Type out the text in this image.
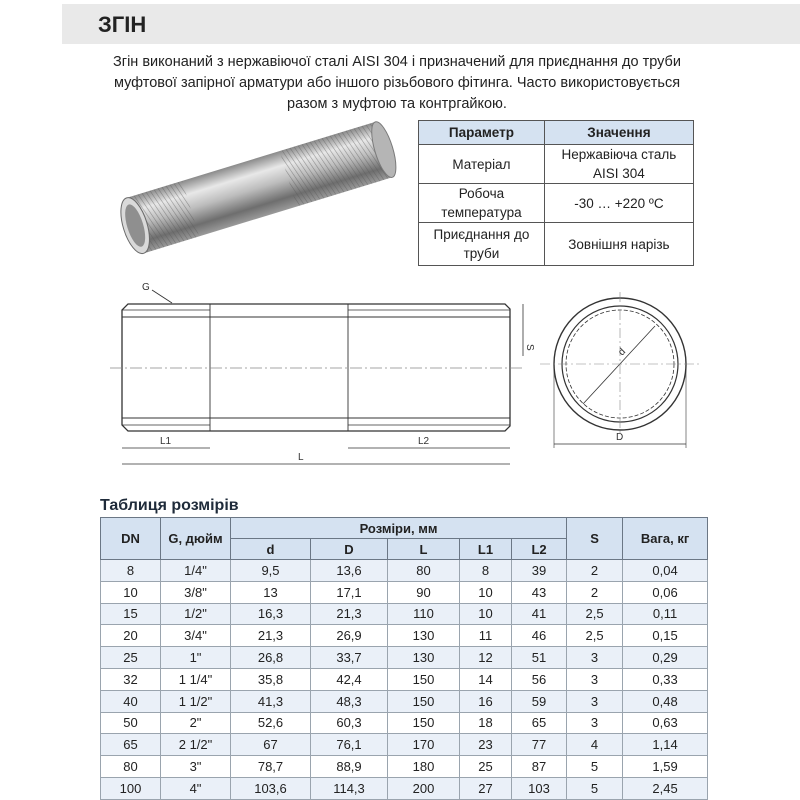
ЗГІН
Згін виконаний з нержавіючої сталі AISI 304 і призначений для приєднання до труби муфтової запірної арматури або іншого різьбового фітинга. Часто використовується разом з муфтою та контргайкою.
Параметр	Значення
Матеріал	Нержавіюча сталь AISI 304
Робоча температура	-30 … +220 ºС
Приєднання до труби	Зовнішня нарізь
G
S
L1	L2
L
d
D
Таблиця розмірів
DN	G, дюйм	Розміри, мм					S	Вага, кг
		d	D	L	L1	L2		
8	1/4"	9,5	13,6	80	8	39	2	0,04
10	3/8"	13	17,1	90	10	43	2	0,06
15	1/2"	16,3	21,3	110	10	41	2,5	0,11
20	3/4"	21,3	26,9	130	11	46	2,5	0,15
25	1"	26,8	33,7	130	12	51	3	0,29
32	1 1/4"	35,8	42,4	150	14	56	3	0,33
40	1 1/2"	41,3	48,3	150	16	59	3	0,48
50	2"	52,6	60,3	150	18	65	3	0,63
65	2 1/2"	67	76,1	170	23	77	4	1,14
80	3"	78,7	88,9	180	25	87	5	1,59
100	4"	103,6	114,3	200	27	103	5	2,45
